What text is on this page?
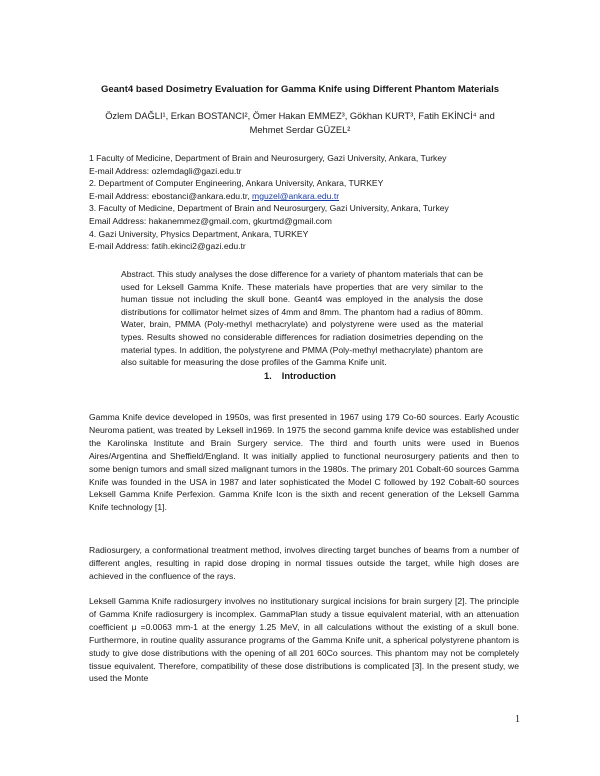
Geant4 based Dosimetry Evaluation for Gamma Knife using Different Phantom Materials
Özlem DAĞLI¹, Erkan BOSTANCI², Ömer Hakan EMMEZ³, Gökhan KURT³, Fatih EKİNCİ⁴ and
Mehmet Serdar GÜZEL²
1 Faculty of Medicine, Department of Brain and Neurosurgery, Gazi University, Ankara, Turkey
E-mail Address: ozlemdagli@gazi.edu.tr
2. Department of Computer Engineering, Ankara University, Ankara, TURKEY
E-mail Address: ebostanci@ankara.edu.tr, mguzel@ankara.edu.tr
3. Faculty of Medicine, Department of Brain and Neurosurgery, Gazi University, Ankara, Turkey
Email Address: hakanemmez@gmail.com, gkurtmd@gmail.com
4. Gazi University, Physics Department, Ankara, TURKEY
E-mail Address: fatih.ekinci2@gazi.edu.tr
Abstract. This study analyses the dose difference for a variety of phantom materials that can be used for Leksell Gamma Knife. These materials have properties that are very similar to the human tissue not including the skull bone. Geant4 was employed in the analysis the dose distributions for collimator helmet sizes of 4mm and 8mm. The phantom had a radius of 80mm. Water, brain, PMMA (Poly-methyl methacrylate) and polystyrene were used as the material types. Results showed no considerable differences for radiation dosimetries depending on the material types. In addition, the polystyrene and PMMA (Poly-methyl methacrylate) phantom are also suitable for measuring the dose profiles of the Gamma Knife unit.
1. Introduction
Gamma Knife device developed in 1950s, was first presented in 1967 using 179 Co-60 sources. Early Acoustic Neuroma patient, was treated by Leksell in1969. In 1975 the second gamma knife device was established under the Karolinska Institute and Brain Surgery service. The third and fourth units were used in Buenos Aires/Argentina and Sheffield/England. It was initially applied to functional neurosurgery patients and then to some benign tumors and small sized malignant tumors in the 1980s. The primary 201 Cobalt-60 sources Gamma Knife was founded in the USA in 1987 and later sophisticated the Model C followed by 192 Cobalt-60 sources Leksell Gamma Knife Perfexion. Gamma Knife Icon is the sixth and recent generation of the Leksell Gamma Knife technology [1].
Radiosurgery, a conformational treatment method, involves directing target bunches of beams from a number of different angles, resulting in rapid dose droping in normal tissues outside the target, while high doses are achieved in the confluence of the rays.
Leksell Gamma Knife radiosurgery involves no institutionary surgical incisions for brain surgery [2]. The principle of Gamma Knife radiosurgery is incomplex. GammaPlan study a tissue equivalent material, with an attenuation coefficient μ =0.0063 mm-1 at the energy 1.25 MeV, in all calculations without the existing of a skull bone. Furthermore, in routine quality assurance programs of the Gamma Knife unit, a spherical polystyrene phantom is study to give dose distributions with the opening of all 201 60Co sources. This phantom may not be completely tissue equivalent. Therefore, compatibility of these dose distributions is complicated [3]. In the present study, we used the Monte
1
